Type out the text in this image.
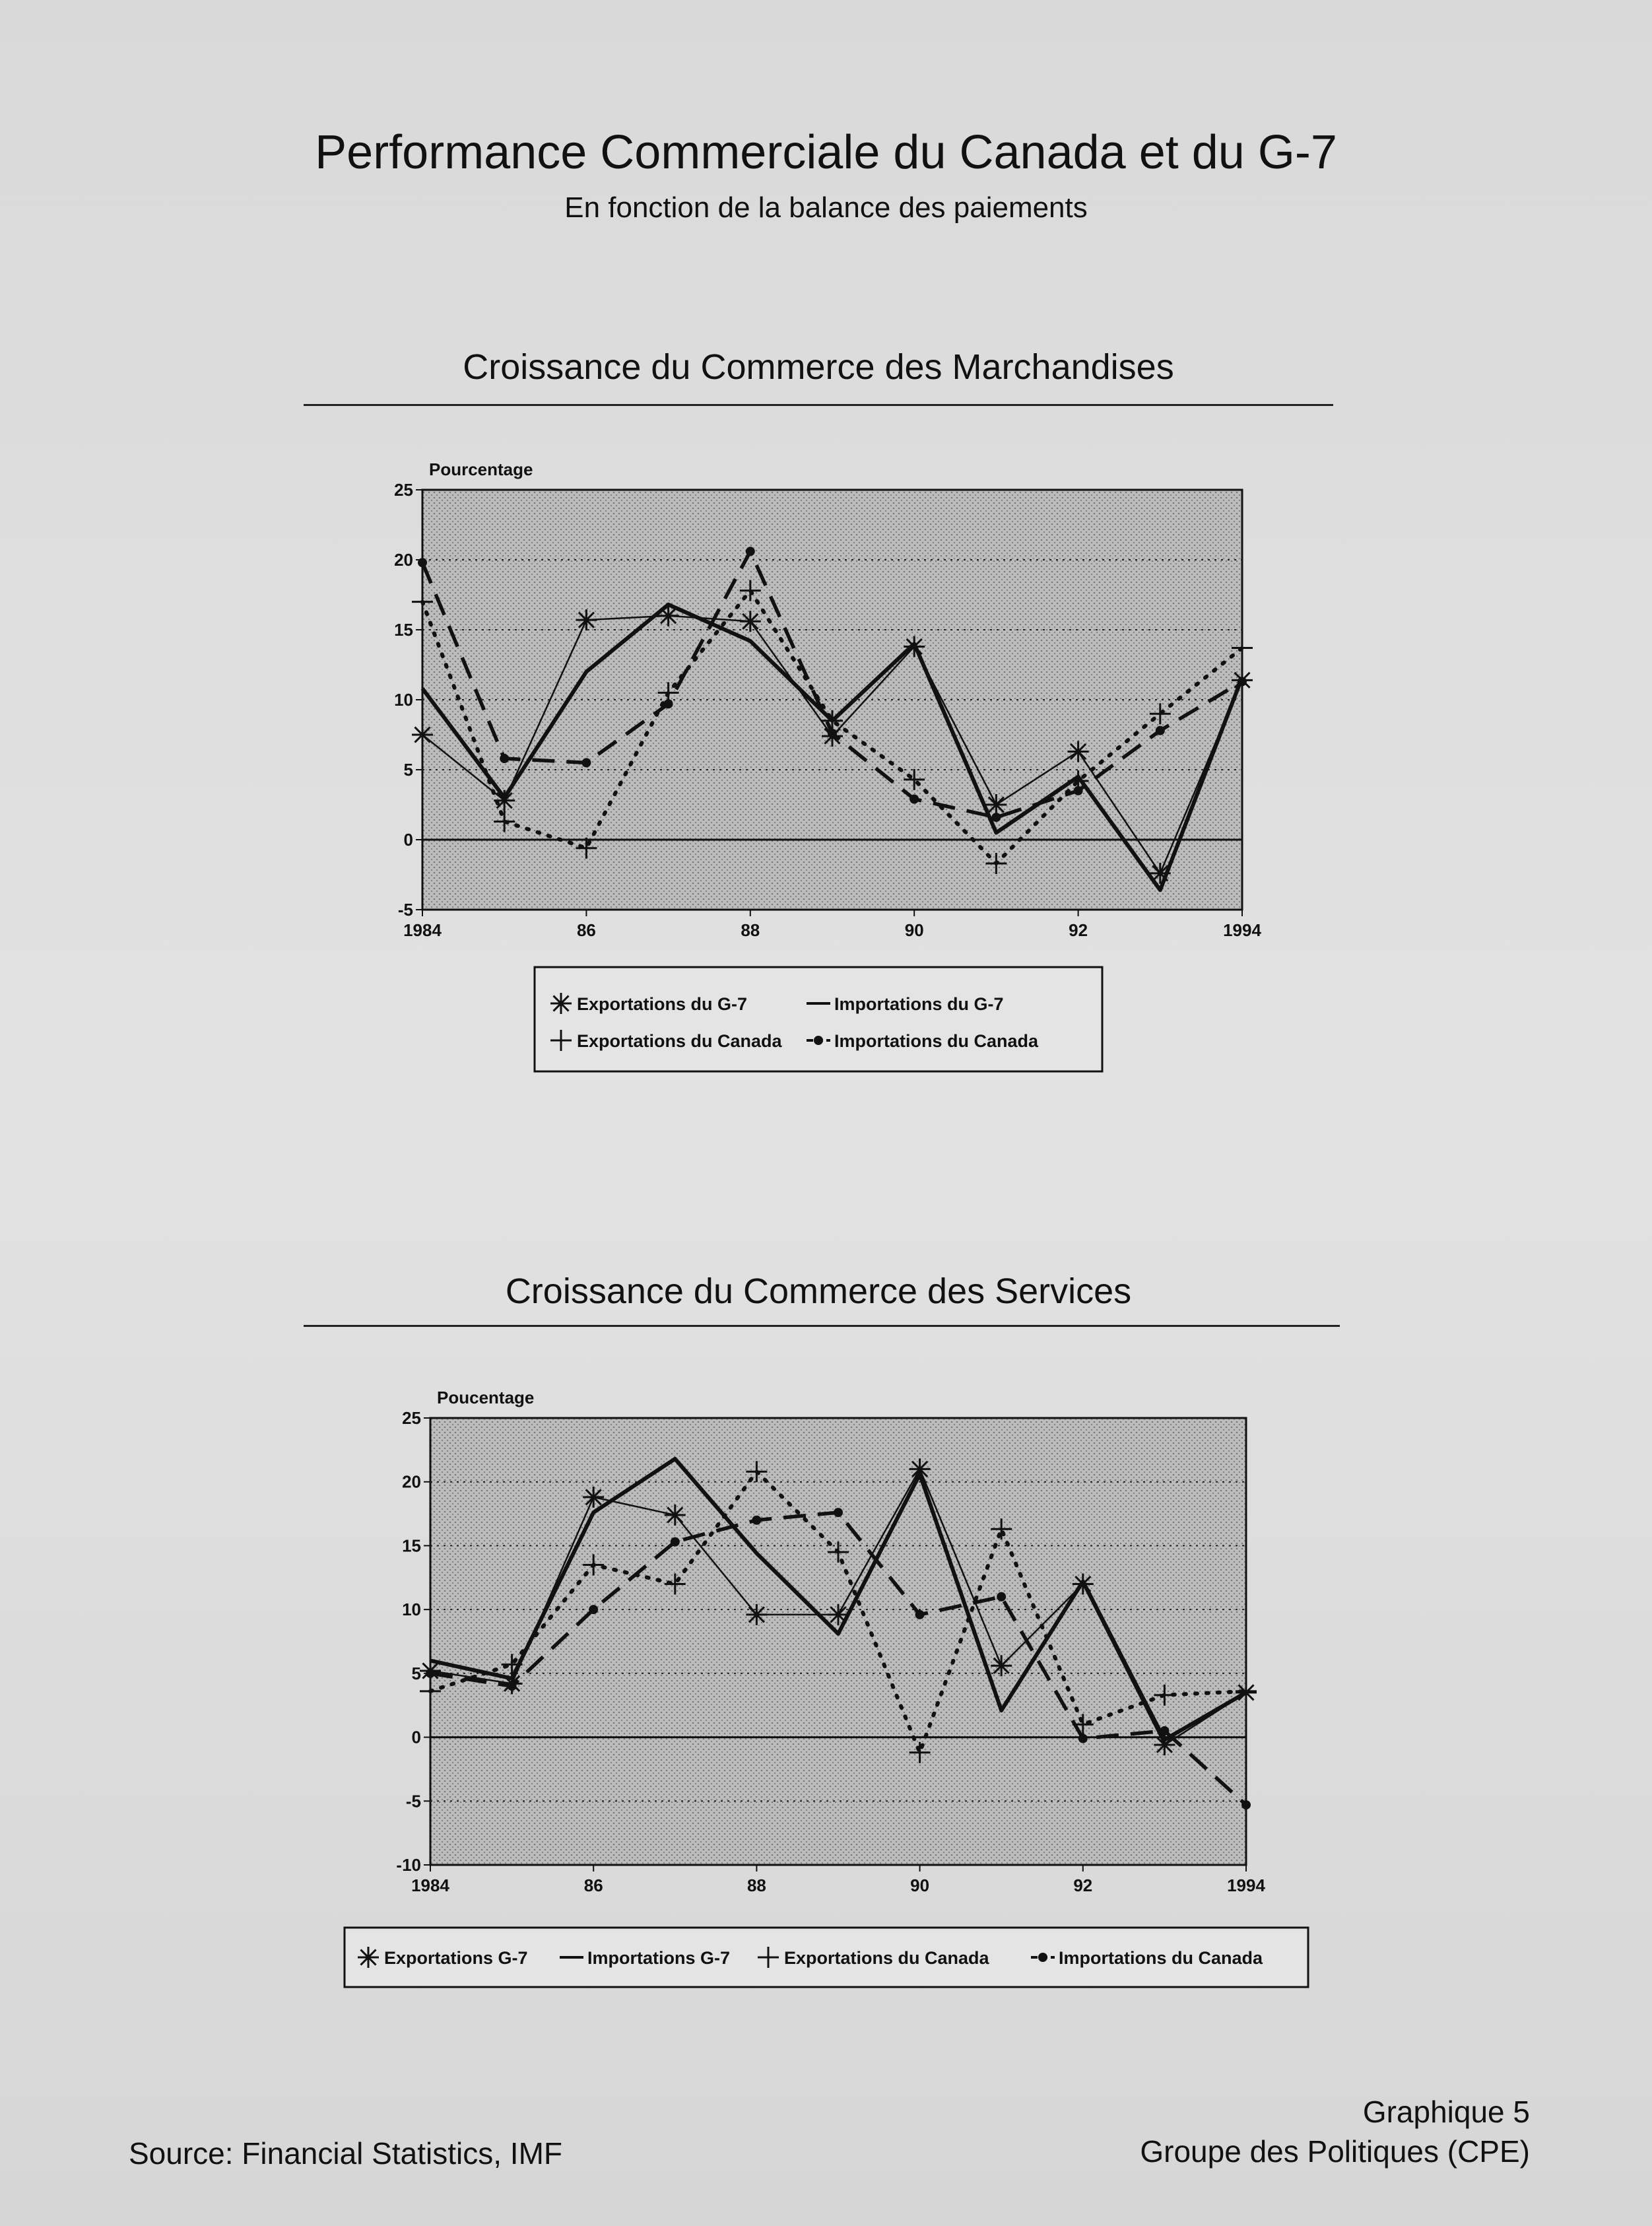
Performance Commerciale du Canada et du G-7
En fonction de la balance des paiements
Croissance du Commerce des Marchandises
Croissance du Commerce des Services
-5
0
5
10
15
20
25
1984	86	88	90	92	1994
Pourcentage
Exportations du G-7	Importations du G-7
Exportations du Canada	Importations du Canada
-10
-5
0
5
10
15
20
25
1984	86	88	90	92	1994
Poucentage
Exportations G-7	Importations G-7	Exportations du Canada	Importations du Canada
Source: Financial Statistics, IMF
Graphique 5
Groupe des Politiques (CPE)
